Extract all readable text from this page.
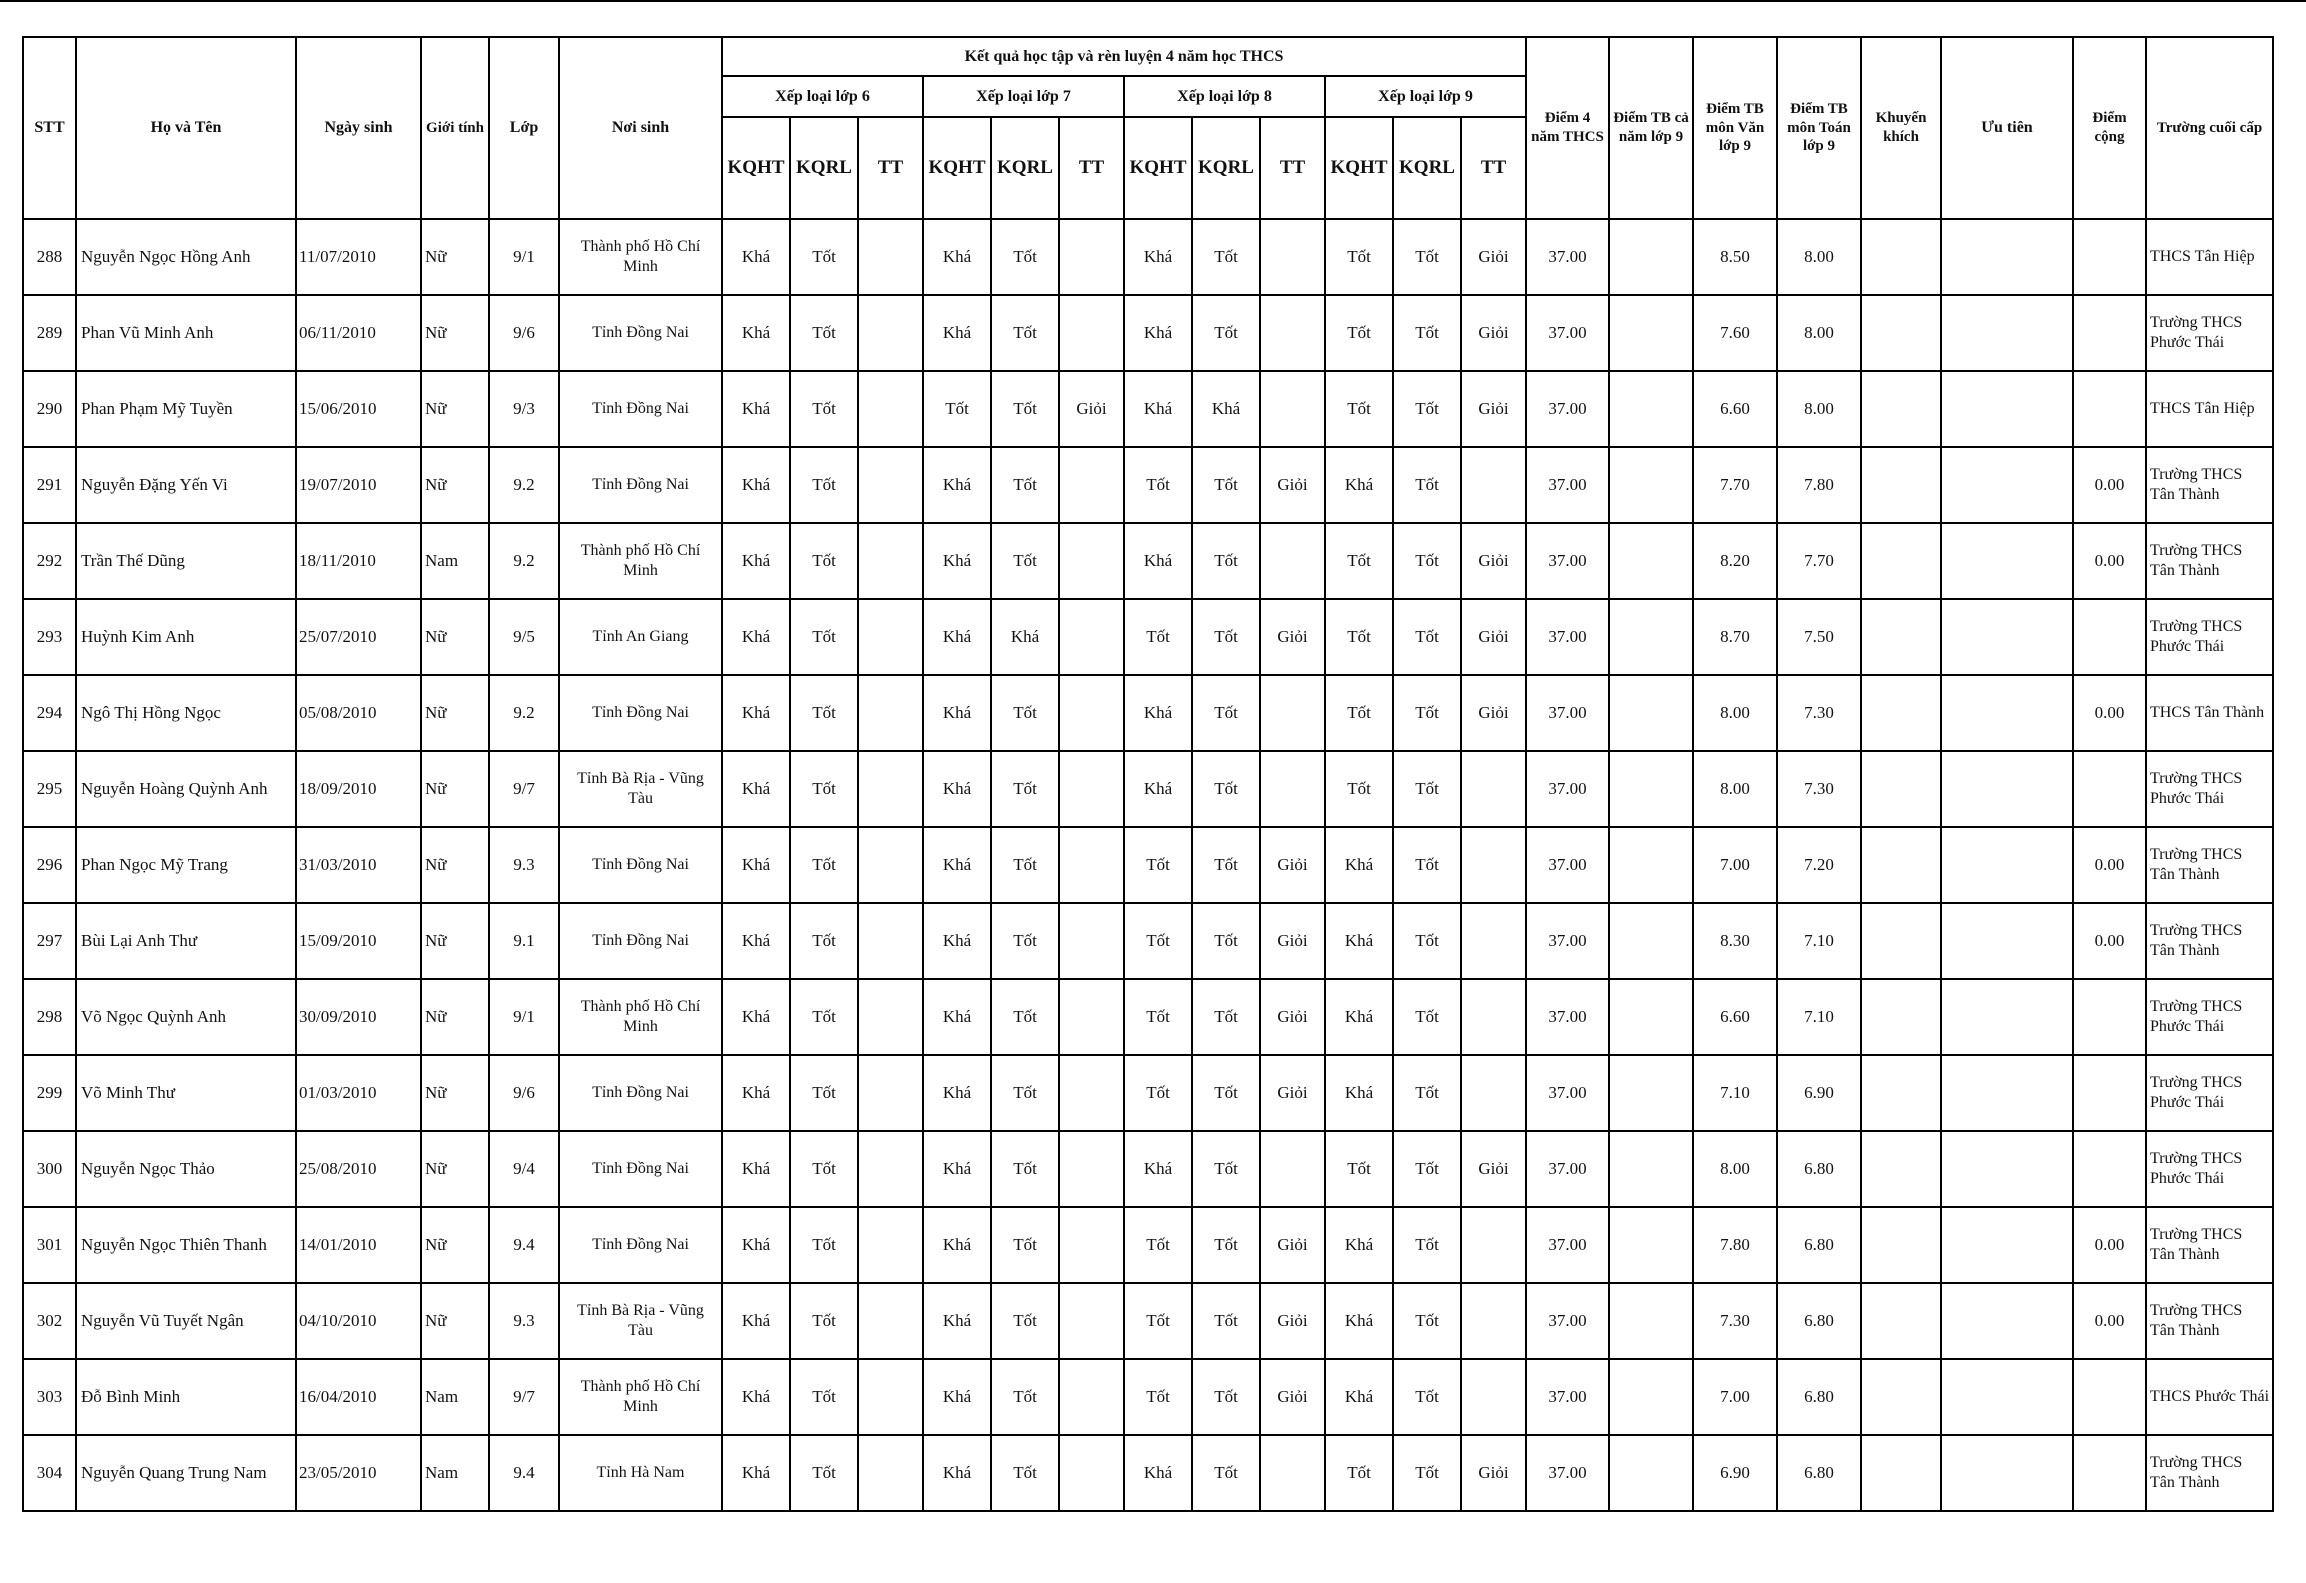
STT	Họ và Tên	Ngày sinh	Giới tính	Lớp	Nơi sinh	Kết quả học tập và rèn luyện 4 năm học THCS												Điểm 4 năm THCS	Điểm TB cả năm lớp 9	Điểm TB môn Văn lớp 9	Điểm TB môn Toán lớp 9	Khuyến khích	Ưu tiên	Điểm cộng	Trường cuối cấp
						Xếp loại lớp 6			Xếp loại lớp 7			Xếp loại lớp 8			Xếp loại lớp 9										
						KQHT	KQRL	TT	KQHT	KQRL	TT	KQHT	KQRL	TT	KQHT	KQRL	TT								
288	Nguyễn Ngọc Hồng Anh	11/07/2010	Nữ	9/1	Thành phố Hồ Chí Minh	Khá	Tốt		Khá	Tốt		Khá	Tốt		Tốt	Tốt	Giỏi	37.00		8.50	8.00				THCS Tân Hiệp
289	Phan Vũ Minh Anh	06/11/2010	Nữ	9/6	Tỉnh Đồng Nai	Khá	Tốt		Khá	Tốt		Khá	Tốt		Tốt	Tốt	Giỏi	37.00		7.60	8.00				Trường THCS Phước Thái
290	Phan Phạm Mỹ Tuyền	15/06/2010	Nữ	9/3	Tỉnh Đồng Nai	Khá	Tốt		Tốt	Tốt	Giỏi	Khá	Khá		Tốt	Tốt	Giỏi	37.00		6.60	8.00				THCS Tân Hiệp
291	Nguyễn Đặng Yến Vi	19/07/2010	Nữ	9.2	Tỉnh Đồng Nai	Khá	Tốt		Khá	Tốt		Tốt	Tốt	Giỏi	Khá	Tốt		37.00		7.70	7.80			0.00	Trường THCS Tân Thành
292	Trần Thế Dũng	18/11/2010	Nam	9.2	Thành phố Hồ Chí Minh	Khá	Tốt		Khá	Tốt		Khá	Tốt		Tốt	Tốt	Giỏi	37.00		8.20	7.70			0.00	Trường THCS Tân Thành
293	Huỳnh Kim Anh	25/07/2010	Nữ	9/5	Tỉnh An Giang	Khá	Tốt		Khá	Khá		Tốt	Tốt	Giỏi	Tốt	Tốt	Giỏi	37.00		8.70	7.50				Trường THCS Phước Thái
294	Ngô Thị Hồng Ngọc	05/08/2010	Nữ	9.2	Tỉnh Đồng Nai	Khá	Tốt		Khá	Tốt		Khá	Tốt		Tốt	Tốt	Giỏi	37.00		8.00	7.30			0.00	THCS Tân Thành
295	Nguyễn Hoàng Quỳnh Anh	18/09/2010	Nữ	9/7	Tỉnh Bà Rịa - Vũng Tàu	Khá	Tốt		Khá	Tốt		Khá	Tốt		Tốt	Tốt		37.00		8.00	7.30				Trường THCS Phước Thái
296	Phan Ngọc Mỹ Trang	31/03/2010	Nữ	9.3	Tỉnh Đồng Nai	Khá	Tốt		Khá	Tốt		Tốt	Tốt	Giỏi	Khá	Tốt		37.00		7.00	7.20			0.00	Trường THCS Tân Thành
297	Bùi Lại Anh Thư	15/09/2010	Nữ	9.1	Tỉnh Đồng Nai	Khá	Tốt		Khá	Tốt		Tốt	Tốt	Giỏi	Khá	Tốt		37.00		8.30	7.10			0.00	Trường THCS Tân Thành
298	Võ Ngọc Quỳnh Anh	30/09/2010	Nữ	9/1	Thành phố Hồ Chí Minh	Khá	Tốt		Khá	Tốt		Tốt	Tốt	Giỏi	Khá	Tốt		37.00		6.60	7.10				Trường THCS Phước Thái
299	Võ Minh Thư	01/03/2010	Nữ	9/6	Tỉnh Đồng Nai	Khá	Tốt		Khá	Tốt		Tốt	Tốt	Giỏi	Khá	Tốt		37.00		7.10	6.90				Trường THCS Phước Thái
300	Nguyễn Ngọc Thảo	25/08/2010	Nữ	9/4	Tỉnh Đồng Nai	Khá	Tốt		Khá	Tốt		Khá	Tốt		Tốt	Tốt	Giỏi	37.00		8.00	6.80				Trường THCS Phước Thái
301	Nguyễn Ngọc Thiên Thanh	14/01/2010	Nữ	9.4	Tỉnh Đồng Nai	Khá	Tốt		Khá	Tốt		Tốt	Tốt	Giỏi	Khá	Tốt		37.00		7.80	6.80			0.00	Trường THCS Tân Thành
302	Nguyễn Vũ Tuyết Ngân	04/10/2010	Nữ	9.3	Tỉnh Bà Rịa - Vũng Tàu	Khá	Tốt		Khá	Tốt		Tốt	Tốt	Giỏi	Khá	Tốt		37.00		7.30	6.80			0.00	Trường THCS Tân Thành
303	Đỗ Bình Minh	16/04/2010	Nam	9/7	Thành phố Hồ Chí Minh	Khá	Tốt		Khá	Tốt		Tốt	Tốt	Giỏi	Khá	Tốt		37.00		7.00	6.80				THCS Phước Thái
304	Nguyễn Quang Trung Nam	23/05/2010	Nam	9.4	Tỉnh Hà Nam	Khá	Tốt		Khá	Tốt		Khá	Tốt		Tốt	Tốt	Giỏi	37.00		6.90	6.80				Trường THCS Tân Thành
